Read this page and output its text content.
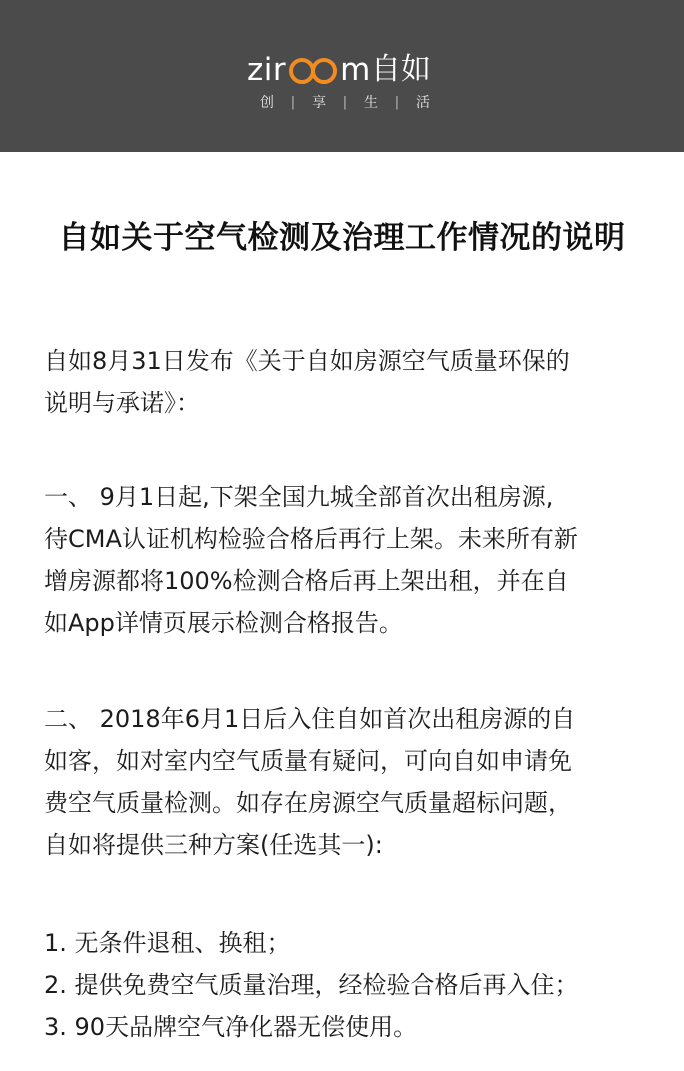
zir m 自如
创 | 享 | 生 | 活
自如关于空气检测及治理工作情况的说明
自如8月31日发布《关于自如房源空气质量环保的
说明与承诺》：
一、 9月1日起,下架全国九城全部首次出租房源,
待CMA认证机构检验合格后再行上架。未来所有新
增房源都将100%检测合格后再上架出租，并在自
如App详情页展示检测合格报告。
二、 2018年6月1日后入住自如首次出租房源的自
如客，如对室内空气质量有疑问，可向自如申请免
费空气质量检测。如存在房源空气质量超标问题，
自如将提供三种方案(任选其一):
1. 无条件退租、换租；
2. 提供免费空气质量治理，经检验合格后再入住；
3. 90天品牌空气净化器无偿使用。
